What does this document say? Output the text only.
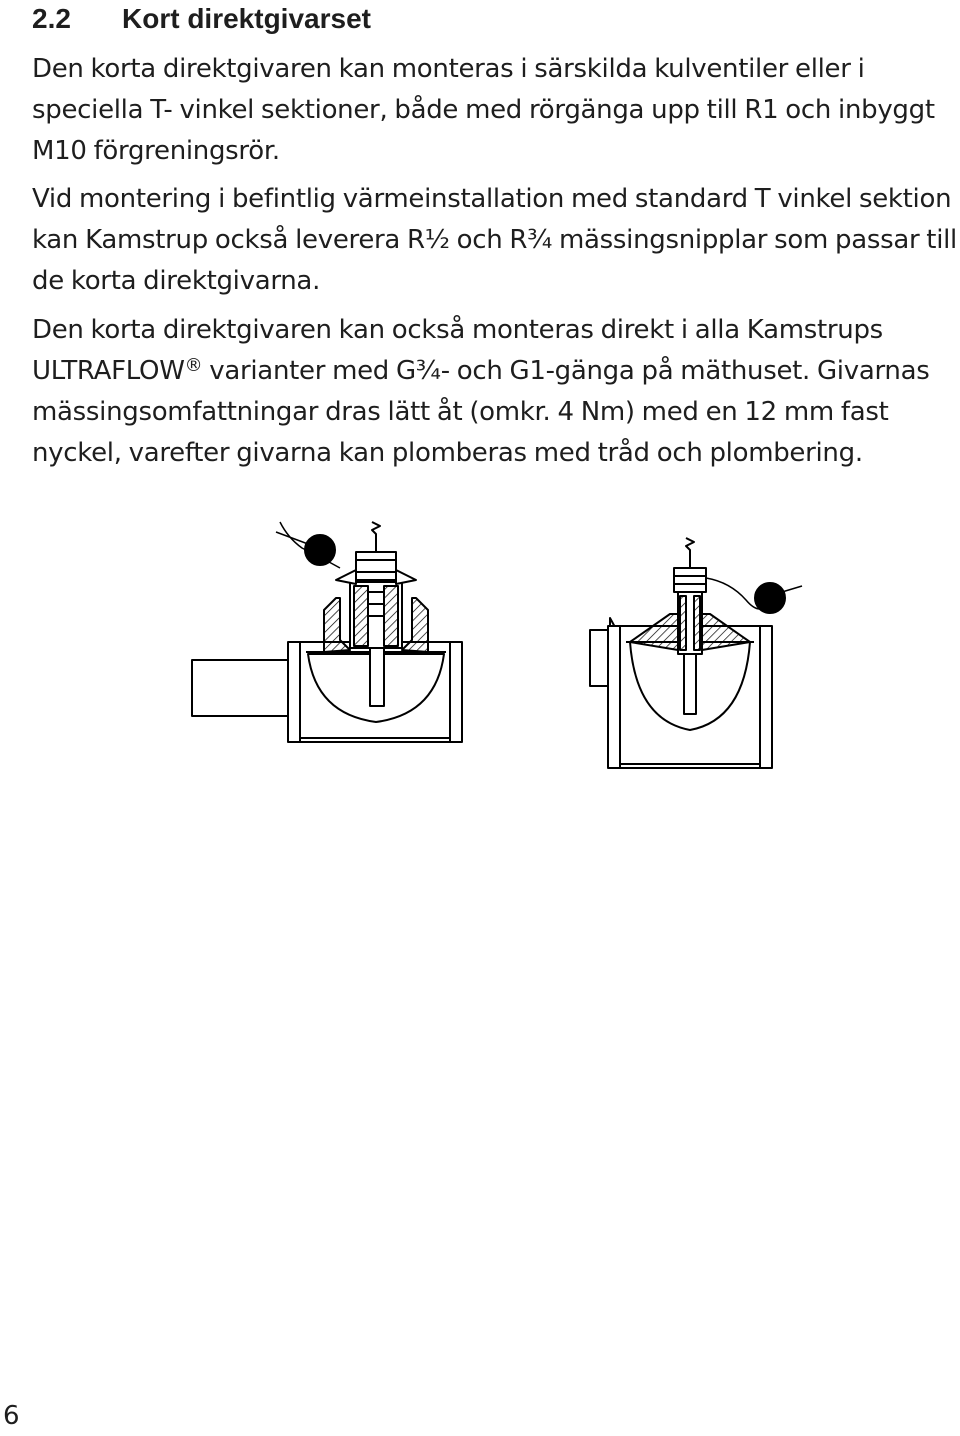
2.2 Kort direktgivarset

Den korta direktgivaren kan monteras i särskilda kulventiler eller i speciella T- vinkel sektioner, både med rörgänga upp till R1 och inbyggt M10 förgreningsrör.

Vid montering i befintlig värmeinstallation med standard T vinkel sektion kan Kamstrup också leverera R½ och R¾ mässingsnipplar som passar till de korta direktgivarna.

Den korta direktgivaren kan också monteras direkt i alla Kamstrups ULTRAFLOW® varianter med G¾- och G1-gänga på mäthuset. Givarnas mässingsomfattningar dras lätt åt (omkr. 4 Nm) med en 12 mm fast nyckel, varefter givarna kan plomberas med tråd och plombering.

6
